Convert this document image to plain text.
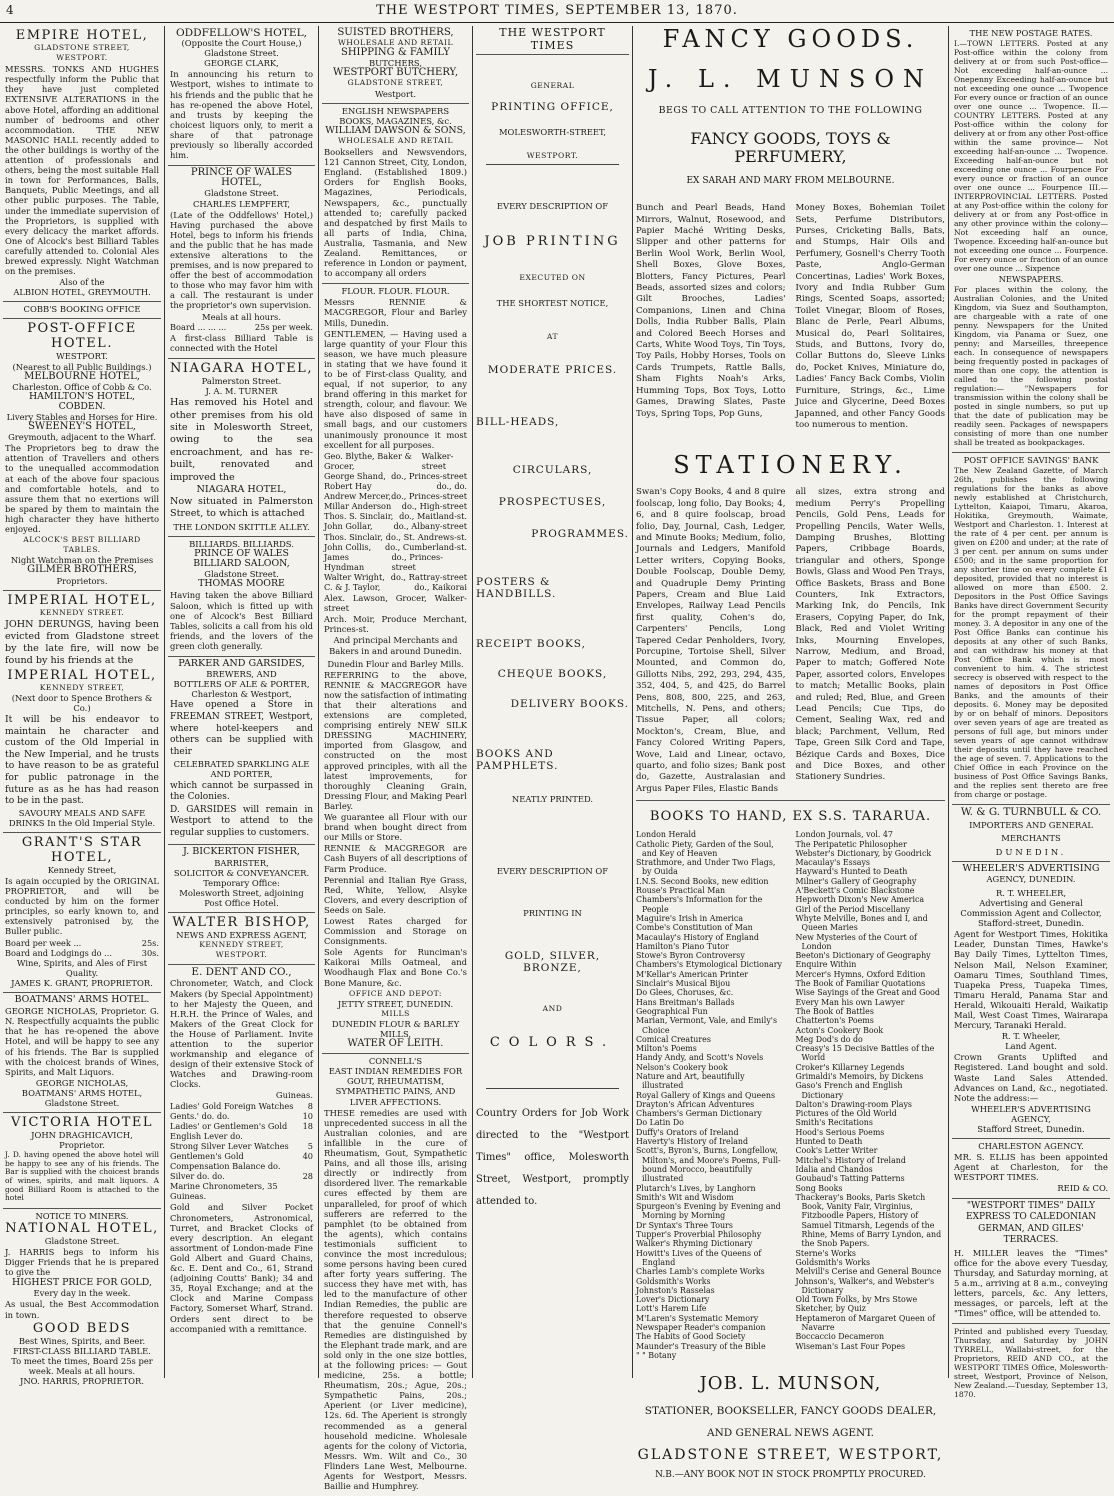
4	THE WESTPORT TIMES, SEPTEMBER 13, 1870.
EMPIRE HOTEL,
GLADSTONE STREET,
WESTPORT.
MESSRS. TONKS AND HUGHES respectfully inform the Public that they have just completed EXTENSIVE ALTERATIONS in the above Hotel, affording an additional number of bedrooms and other accommodation. THE NEW MASONIC HALL recently added to the other buildings is worthy of the attention of professionals and others, being the most suitable Hall in town for Performances, Balls, Banquets, Public Meetings, and all other public purposes. The Table, under the immediate supervision of the Proprietors, is supplied with every delicacy the market affords. One of Alcock's best Billiard Tables carefully attended to. Colonial Ales brewed expressly. Night Watchman on the premises.
Also of the
ALBION HOTEL, GREYMOUTH.
COBB'S BOOKING OFFICE
POST-OFFICE HOTEL.
WESTPORT.
(Nearest to all Public Buildings.)
MELBOURNE HOTEL,
Charleston. Office of Cobb & Co.
HAMILTON'S HOTEL, COBDEN.
Livery Stables and Horses for Hire.
SWEENEY'S HOTEL,
Greymouth, adjacent to the Wharf.
The Proprietors beg to draw the attention of Travellers and others to the unequalled accommodation at each of the above four spacious and comfortable hotels, and to assure them that no exertions will be spared by them to maintain the high character they have hitherto enjoyed.
ALCOCK'S BEST BILLIARD TABLES.
Night Watchman on the Premises
GILMER BROTHERS,
Proprietors.
IMPERIAL HOTEL,
KENNEDY STREET.
JOHN DERUNGS, having been evicted from Gladstone street by the late fire, will now be found by his friends at the
IMPERIAL HOTEL,
KENNEDY STREET,
(Next door to Spence Brothers & Co.)
It will be his endeavor to maintain he character and custom of the Old Imperial in the New Imperial, and he trusts to have reason to be as grateful for public patronage in the future as as he has had reason to be in the past.
SAVOURY MEALS AND SAFE DRINKS In the Old Imperial Style.
GRANT'S STAR HOTEL,
Kennedy Street,
Is again occupied by the ORIGINAL PROPRIETOR, and will be conducted by him on the former principles, so early known to, and extensively patronised by, the Buller public.
Board per week ...	25s.
Board and Lodgings do ...	30s.
Wine, Spirits, and Ales of First Quality.
JAMES K. GRANT, PROPRIETOR.
BOATMANS' ARMS HOTEL.
GEORGE NICHOLAS, Proprietor. G. N. Respectfully acquaints the public that he has re-opened the above Hotel, and will be happy to see any of his friends. The Bar is supplied with the choicest brands of Wines, Spirits, and Malt Liquors.
GEORGE NICHOLAS,
BOATMANS' ARMS HOTEL,
Gladstone Street.
VICTORIA HOTEL
JOHN DRAGHICAVICH,
Proprietor.
J. D. having opened the above hotel will be happy to see any of his friends. The Bar is supplied with the choicest brands of wines, spirits, and malt liquors. A good Billiard Room is attached to the hotel
NOTICE TO MINERS.
NATIONAL HOTEL,
Gladstone Street.
J. HARRIS begs to inform his Digger Friends that he is prepared to give the
HIGHEST PRICE FOR GOLD,
Every day in the week.
As usual, the Best Accommodation in town.
GOOD BEDS
Best Wines, Spirits, and Beer.
FIRST-CLASS BILLIARD TABLE.
To meet the times, Board 25s per week. Meals at all hours.
JNO. HARRIS, PROPRIETOR.
ODDFELLOW'S HOTEL,
(Opposite the Court House,)
Gladstone Street.
GEORGE CLARK,
In announcing his return to Westport, wishes to intimate to his friends and the public that he has re-opened the above Hotel, and trusts by keeping the choicest liquors only, to merit a share of that patronage previously so liberally accorded him.
PRINCE OF WALES HOTEL,
Gladstone Street.
CHARLES LEMPFERT,
(Late of the Oddfellows' Hotel,) Having purchased the above Hotel, begs to inform his friends and the public that he has made extensive alterations to the premises, and is now prepared to offer the best of accommodation to those who may favor him with a call. The restaurant is under the proprietor's own supervision.
Meals at all hours.
Board ... ... ...	25s per week.
A first-class Billiard Table is connected with the Hotel
NIAGARA HOTEL,
Palmerston Street.
J. A. M. TURNER
Has removed his Hotel and other premises from his old site in Molesworth Street, owing to the sea encroachment, and has re-built, renovated and improved the
NIAGARA HOTEL,
Now situated in Palmerston Street, to which is attached
THE LONDON SKITTLE ALLEY.
BILLIARDS. BILLIARDS.
PRINCE OF WALES BILLIARD SALOON,
Gladstone Street.
THOMAS MOORE
Having taken the above Billiard Saloon, which is fitted up with one of Alcock's Best Billiard Tables, solicits a call from his old friends, and the lovers of the green cloth generally.
PARKER AND GARSIDES,
BREWERS, AND
BOTTLERS OF ALE & PORTER,
Charleston & Westport,
Have opened a Store in FREEMAN STREET, Westport, where hotel-keepers and others can be supplied with their
CELEBRATED SPARKLING ALE AND PORTER,
which cannot be surpassed in the Colonies.
D. GARSIDES will remain in Westport to attend to the regular supplies to customers.
J. BICKERTON FISHER,
BARRISTER,
SOLICITOR & CONVEYANCER.
Temporary Office:
Molesworth Street, adjoining Post Office Hotel.
WALTER BISHOP,
NEWS AND EXPRESS AGENT,
KENNEDY STREET,
WESTPORT.
E. DENT AND CO.,
Chronometer, Watch, and Clock Makers (by Special Appointment) to her Majesty the Queen, and H.R.H. the Prince of Wales, and Makers of the Great Clock for the House of Parliament. Invite attention to the superior workmanship and elegance of design of their extensive Stock of Watches and Drawing-room Clocks.
Guineas.
Ladies' Gold Foreign Watches 8
Gents.' do. do.	10
Ladies' or Gentlemen's Gold English Lever do.
18
Strong Silver Lever Watches 5
Gentlemen's Gold Compensation Balance do.
40
Silver do. do.	28
Marine Chronometers, 35 Guineas.
Gold and Silver Pocket Chronometers, Astronomical, Turret, and Bracket Clocks of every description. An elegant assortment of London-made Fine Gold Albert and Guard Chains, &c. E. Dent and Co., 61, Strand (adjoining Coutts' Bank); 34 and 35, Royal Exchange; and at the Clock and Marine Compass Factory, Somerset Wharf, Strand. Orders sent direct to be accompanied with a remittance.
SUISTED BROTHERS,
WHOLESALE AND RETAIL
SHIPPING & FAMILY
BUTCHERS,
WESTPORT BUTCHERY,
GLADSTONE STREET,
Westport.
ENGLISH NEWSPAPERS
BOOKS, MAGAZINES, &c.
WILLIAM DAWSON & SONS,
WHOLESALE AND RETAIL
Booksellers and Newsvendors, 121 Cannon Street, City, London, England. (Established 1809.) Orders for English Books, Magazines, Periodicals, Newspapers, &c., punctually attended to; carefully packed and despatched by first Mails to all parts of India, China, Australia, Tasmania, and New Zealand. Remittances, or reference in London or payment, to accompany all orders
FLOUR. FLOUR. FLOUR.
Messrs RENNIE & MACGREGOR, Flour and Barley Mills, Dunedin.
GENTLEMEN, — Having used a large quantity of your Flour this season, we have much pleasure in stating that we have found it to be of First-class Quality, and equal, if not superior, to any brand offering in this market for strength, colour, and flavour. We have also disposed of same in small bags, and our customers unanimously pronounce it most excellent for all purposes.
Geo. Blythe, Baker & Grocer,
Walker-street
George Shand, do., Princes-street
Robert Hay	do., do.
Andrew Mercer, do., Princes-street
Millar Anderson do., High-street
Thos. S. Sinclair, do., Maitland-st.
John Gollar,	do., Albany-street
Thos. Sinclair, do., St. Andrews-st.
John Collis, do., Cumberland-st.
James Hyndman
do., Princes-street
Walter Wright, do., Rattray-street
C. & J. Taylor,	do., Kaikorai
Alex. Lawson, Grocer, Walker-street
Arch. Moir, Produce Merchant, Princes-st.
And principal Merchants and Bakers in and around Dunedin.
Dunedin Flour and Barley Mills.
REFERRING to the above, RENNIE & MACGREGOR have now the satisfaction of intimating that their alterations and extensions are completed, comprising entirely NEW SILK DRESSING MACHINERY, imported from Glasgow, and constructed on the most approved principles, with all the latest improvements, for thoroughly Cleaning Grain, Dressing Flour, and Making Pearl Barley.
We guarantee all Flour with our brand when bought direct from our Mills or Store.
RENNIE & MACGREGOR are Cash Buyers of all descriptions of Farm Produce.
Perennial and Italian Rye Grass, Red, White, Yellow, Alsyke Clovers, and every description of Seeds on Sale.
Lowest Rates charged for Commission and Storage on Consignments.
Sole Agents for Runciman's Kaikorai Mills Oatmeal, and Woodhaugh Flax and Bone Co.'s Bone Manure, &c.
OFFICE AND DEPOT:
JETTY STREET, DUNEDIN.
MILLS
DUNEDIN FLOUR & BARLEY MILLS,
WATER OF LEITH.
CONNELL'S
EAST INDIAN REMEDIES FOR GOUT, RHEUMATISM, SYMPATHETIC PAINS, AND LIVER AFFECTIONS.
THESE remedies are used with unprecedented success in all the Australian colonies, and are infallible in the cure of Rheumatism, Gout, Sympathetic Pains, and all those ills, arising directly or indirectly from disordered liver. The remarkable cures effected by them are unparalleled, for proof of which sufferers are referred to the pamphlet (to be obtained from the agents), which contains testimonials sufficient to convince the most incredulous; some persons having been cured after forty years suffering. The success they have met with, has led to the manufacture of other Indian Remedies, the public are therefore requested to observe that the genuine Connell's Remedies are distinguished by the Elephant trade mark, and are sold only in the one size bottles, at the following prices: — Gout medicine, 25s. a bottle; Rheumatism, 20s.; Ague, 20s.; Sympathetic Pains, 20s.; Aperient (or Liver medicine), 12s. 6d. The Aperient is strongly recommended as a general household medicine. Wholesale agents for the colony of Victoria, Messrs. Wm. Wilt and Co., 30 Flinders Lane West, Melbourne. Agents for Westport, Messrs. Baillie and Humphrey.
THE WESTPORT TIMES
GENERAL
PRINTING OFFICE,
MOLESWORTH-STREET,
WESTPORT.
EVERY DESCRIPTION OF
JOB PRINTING
EXECUTED ON
THE SHORTEST NOTICE,
AT
MODERATE PRICES.
BILL-HEADS,
CIRCULARS,
PROSPECTUSES,
PROGRAMMES.
POSTERS & HANDBILLS.
RECEIPT BOOKS,
CHEQUE BOOKS,
DELIVERY BOOKS.
BOOKS AND PAMPHLETS.
NEATLY PRINTED.
EVERY DESCRIPTION OF
PRINTING IN
GOLD, SILVER, BRONZE,
AND
COLORS.
Country Orders for Job Work directed to the "Westport Times" office, Molesworth Street, Westport, promptly attended to.
FANCY GOODS.
J. L. MUNSON
BEGS TO CALL ATTENTION TO THE FOLLOWING
FANCY GOODS, TOYS & PERFUMERY,
EX SARAH AND MARY FROM MELBOURNE.
Bunch and Pearl Beads, Hand Mirrors, Walnut, Rosewood, and Papier Maché Writing Desks, Slipper and other patterns for Berlin Wool Work, Berlin Wool, Shell Boxes, Glove Boxes, Blotters, Fancy Pictures, Pearl Beads, assorted sizes and colors; Gilt Brooches, Ladies' Companions, Linen and China Dolls, India Rubber Balls, Plain and Colored Beech Horses and Carts, White Wood Toys, Tin Toys, Toy Pails, Hobby Horses, Tools on Cards Trumpets, Rattle Balls, Sham Fights Noah's Arks, Humming Tops, Box Toys, Lotto Games, Drawing Slates, Paste Toys, Spring Tops, Pop Guns,
Money Boxes, Bohemian Toilet Sets, Perfume Distributors, Purses, Cricketing Balls, Bats, and Stumps, Hair Oils and Perfumery, Gosnell's Cherry Tooth Paste, Anglo-German Concertinas, Ladies' Work Boxes, Ivory and India Rubber Gum Rings, Scented Soaps, assorted; Toilet Vinegar, Bloom of Roses, Blanc de Perle, Pearl Albums, Musical do, Pearl Solitaires, Studs, and Buttons, Ivory do, Collar Buttons do, Sleeve Links do, Pocket Knives, Miniature do, Ladies' Fancy Back Combs, Violin Furniture, Strings, &c., Lime Juice and Glycerine, Deed Boxes Japanned, and other Fancy Goods too numerous to mention.
STATIONERY.
Swan's Copy Books, 4 and 8 quire foolscap, long folio, Day Books; 4, 6, and 8 quire foolscap, broad folio, Day, Journal, Cash, Ledger, and Minute Books; Medium, folio, Journals and Ledgers, Manifold Letter writers, Copying Books, Double Foolscap, Double Demy, and Quadruple Demy Printing Papers, Cream and Blue Laid Envelopes, Railway Lead Pencils first quality, Cohen's do, Carpenters' Pencils, Long Tapered Cedar Penholders, Ivory, Porcupine, Tortoise Shell, Silver Mounted, and Common do, Gillotts Nibs, 292, 293, 294, 435, 352, 404, 5, and 425, do Barrel Pens, 808, 800, 225, and 263, Mitchells, N. Pens, and others; Tissue Paper, all colors; Mockton's, Cream, Blue, and Fancy Colored Writing Papers, Wove, Laid and Linear, octavo, quarto, and folio sizes; Bank post do, Gazette, Australasian and Argus Paper Files, Elastic Bands
all sizes, extra strong and medium Perry's Propelling Pencils, Gold Pens, Leads for Propelling Pencils, Water Wells, Damping Brushes, Blotting Papers, Cribbage Boards, triangular and others, Sponge Bowls, Glass and Wood Pen Trays, Office Baskets, Brass and Bone Counters, Ink Extractors, Marking Ink, do Pencils, Ink Erasers, Copying Paper, do Ink, Black, Red and Violet Writing Inks, Mourning Envelopes, Narrow, Medium, and Broad, Paper to match; Goffered Note Paper, assorted colors, Envelopes to match; Metallic Books, plain and ruled; Red, Blue, and Green Lead Pencils; Cue Tips, do Cement, Sealing Wax, red and black; Parchment, Vellum, Red Tape, Green Silk Cord and Tape, Bézique Cards and Boxes, Dice and Dice Boxes, and other Stationery Sundries.
BOOKS TO HAND, EX S.S. TARARUA.
London Herald
Catholic Piety, Garden of the Soul, and Key of Heaven
Strathmore, and Under Two Flags, by Ouida
I.N.S. Second Books, new edition
Rouse's Practical Man
Chambers's Information for the People
Maguire's Irish in America
Combe's Constitution of Man
Macaulay's History of England
Hamilton's Piano Tutor
Stowe's Byron Controversy
Chambers's Etymological Dictionary
M'Kellar's American Printer
Sinclair's Musical Bijou
Do Glees, Choruses, &c.
Hans Breitman's Ballads
Geographical Fun
Marian, Vermont, Vale, and Emily's Choice
Comical Creatures
Milton's Poems
Handy Andy, and Scott's Novels
Nelson's Cookery book
Nature and Art, beautifully illustrated
Royal Gallery of Kings and Queens
Drayton's African Adventures
Chambers's German Dictionary
Do Latin Do
Duffy's Orators of Ireland
Haverty's History of Ireland
Scott's, Byron's, Burns, Longfellow, Milton's, and Moore's Poems, Full-bound Morocco, beautifully illustrated
Plutarch's Lives, by Langhorn
Smith's Wit and Wisdom
Spurgeon's Evening by Evening and Morning by Morning
Dr Syntax's Three Tours
Tupper's Proverbial Philosophy
Walker's Rhyming Dictionary
Howitt's Lives of the Queens of England
Charles Lamb's complete Works
Goldsmith's Works
Johnston's Rasselas
Lover's Dictionary
Lott's Harem Life
M'Laren's Systematic Memory
Newspaper Reader's companion
The Habits of Good Society
Maunder's Treasury of the Bible
" " Botany
London Journals, vol. 47
The Peripatetic Philosopher
Webster's Dictionary, by Goodrick
Macaulay's Essays
Hayward's Hunted to Death
Milner's Gallery of Geography
A'Beckett's Comic Blackstone
Hepworth Dixon's New America
Girl of the Period Miscellany
Whyte Melville, Bones and I, and Queen Maries
New Mysteries of the Court of London
Beeton's Dictionary of Geography
Enquire Within
Mercer's Hymns, Oxford Edition
The Book of Familiar Quotations
Wise Sayings of the Great and Good
Every Man his own Lawyer
The Book of Battles
Chatterton's Poems
Acton's Cookery Book
Meg Dod's do do
Creasy's 15 Decisive Battles of the World
Croker's Killarney Legends
Grimaldi's Memoirs, by Dickens
Gaso's French and English Dictionary
Dalton's Drawing-room Plays
Pictures of the Old World
Smith's Recitations
Hood's Serious Poems
Hunted to Death
Cook's Letter Writer
Mitchel's History of Ireland
Idalia and Chandos
Goubaud's Tatting Patterns
Song Books
Thackeray's Books, Paris Sketch Book, Vanity Fair, Virginius, Fitzboodle Papers, History of Samuel Titmarsh, Legends of the Rhine, Mems of Barry Lyndon, and the Snob Papers.
Sterne's Works
Goldsmith's Works
Melvill's Cerise and General Bounce
Johnson's, Walker's, and Webster's Dictionary
Old Town Folks, by Mrs Stowe
Sketcher, by Quiz
Heptameron of Margaret Queen of Navarre
Boccaccio Decameron
Wiseman's Last Four Popes
JOB. L. MUNSON,
STATIONER, BOOKSELLER, FANCY GOODS DEALER,
AND GENERAL NEWS AGENT.
GLADSTONE STREET, WESTPORT,
N.B.—ANY BOOK NOT IN STOCK PROMPTLY PROCURED.
THE NEW POSTAGE RATES.
I.—TOWN LETTERS. Posted at any Post-office within the colony from delivery at or from such Post-office— Not exceeding half-an-ounce ... Onepenny Exceeding half-an-ounce but not exceeding one ounce ... Twopence For every ounce or fraction of an ounce over one ounce ... Twopence. II.—COUNTRY LETTERS. Posted at any Post-office within the colony for delivery at or from any other Post-office within the same province— Not exceeding half-an-ounce ... Twopence. Exceeding half-an-ounce but not exceeding one ounce ... Fourpence For every ounce or fraction of an ounce over one ounce ... Fourpence III.—INTERPROVINCIAL LETTERS. Posted at any Post-office within the colony for delivery at or from any Post-office in any other province within the colony— Not exceeding half an ounce, Twopence. Exceeding half-an-ounce but not exceeding one ounce ... Fourpence. For every ounce or fraction of an ounce over one ounce ... Sixpence
NEWSPAPERS.
For places within the colony, the Australian Colonies, and the United Kingdom, via Suez and Southampton, are chargeable with a rate of one penny. Newspapers for the United Kingdom, via Panama or Suez, one penny; and Marseilles, threepence each. In consequence of newspapers being frequently posted in packages of more than one copy, the attention is called to the following postal regulation:— "Newspapers for transmission within the colony shall be posted in single numbers, so put up that the date of publication may be readily seen. Packages of newspapers consisting of more than one number shall be treated as bookpackages.
POST OFFICE SAVINGS' BANK
The New Zealand Gazette, of March 26th, publishes the following regulations for the banks as above newly established at Christchurch, Lyttelton, Kaiapoi, Timaru, Akaroa, Hokitika, Greymouth, Waimate, Westport and Charleston. 1. Interest at the rate of 4 per cent. per annum is given on £200 and under; at the rate of 3 per cent. per annum on sums under £500; and in the same proportion for any shorter time on every complete £1 deposited, provided that no interest is allowed on more than £500. 2. Depositors in the Post Office Savings Banks have direct Government Security for the prompt repayment of their money. 3. A depositor in any one of the Post Office Banks can continue his deposits at any other of such Banks, and can withdraw his money at that Post Office Bank which is most convenient to him. 4. The strictest secrecy is observed with respect to the names of depositors in Post Office Banks, and the amounts of their deposits. 6. Money may be deposited by or on behalf of minors. Depositors over seven years of age are treated as persons of full age, but minors under seven years of age cannot withdraw their deposits until they have reached the age of seven. 7. Applications to the Chief Office in each Province on the business of Post Office Savings Banks, and the replies sent thereto are free from charge or postage.
W. & G. TURNBULL & CO.
IMPORTERS AND GENERAL
MERCHANTS
DUNEDIN.
WHEELER'S ADVERTISING
AGENCY, DUNEDIN.
R. T. WHEELER,
Advertising and General Commission Agent and Collector,
Stafford-street, Dunedin.
Agent for Westport Times, Hokitika Leader, Dunstan Times, Hawke's Bay Daily Times, Lyttelton Times, Nelson Mail, Nelson Examiner, Oamaru Times, Southland Times, Tuapeka Press, Tuapeka Times, Timaru Herald, Panama Star and Herald, Wikouaiti Herald, Waikatip Mail, West Coast Times, Wairarapa Mercury, Taranaki Herald.
R. T. Wheeler,
Land Agent.
Crown Grants Uplifted and Registered. Land bought and sold. Waste Land Sales Attended. Advances on Land, &c., negotiated. Note the address:—
WHEELER'S ADVERTISING AGENCY,
Stafford Street, Dunedin.
CHARLESTON AGENCY.
MR. S. ELLIS has been appointed Agent at Charleston, for the WESTPORT TIMES.
REID & CO.
"WESTPORT TIMES" DAILY EXPRESS TO CALEDONIAN GERMAN, AND GILES' TERRACES.
H. MILLER leaves the "Times" office for the above every Tuesday, Thursday, and Saturday morning, at 5 a.m., arriving at 8 a.m., conveying letters, parcels, &c. Any letters, messages, or parcels, left at the "Times" office, will be attended to.
Printed and published every Tuesday, Thursday, and Saturday by JOHN TYRRELL, Wallabi-street, for the Proprietors, REID AND CO., at the WESTPORT TIMES Office, Molesworth-street, Westport, Province of Nelson, New Zealand.—Tuesday, September 13, 1870.
